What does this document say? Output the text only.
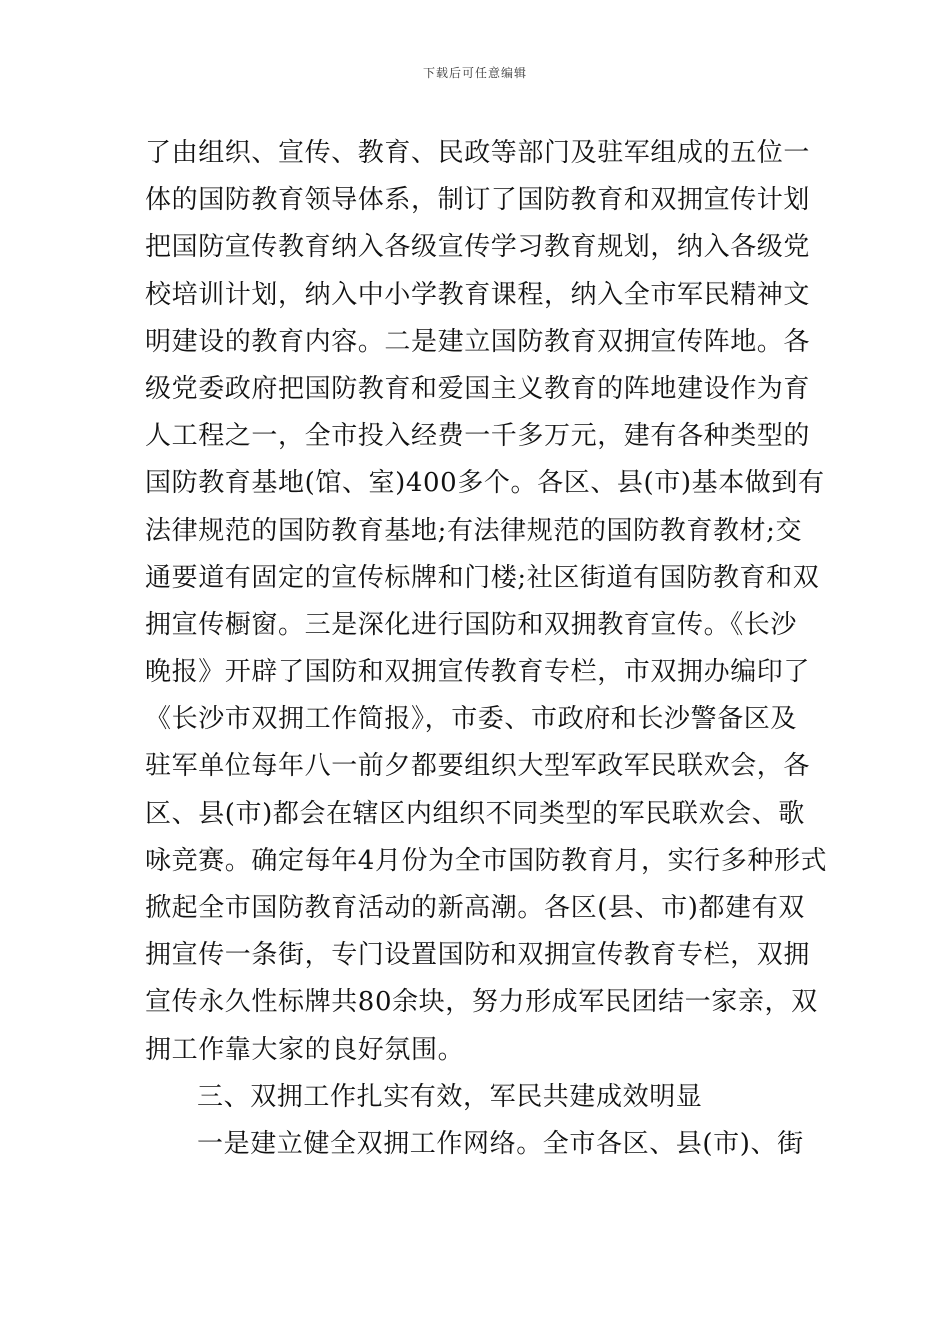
下载后可任意编辑
了由组织、宣传、教育、民政等部门及驻军组成的五位一
体的国防教育领导体系，制订了国防教育和双拥宣传计划
把国防宣传教育纳入各级宣传学习教育规划，纳入各级党
校培训计划，纳入中小学教育课程，纳入全市军民精神文
明建设的教育内容。二是建立国防教育双拥宣传阵地。各
级党委政府把国防教育和爱国主义教育的阵地建设作为育
人工程之一，全市投入经费一千多万元，建有各种类型的
国防教育基地(馆、室)400多个。各区、县(市)基本做到有
法律规范的国防教育基地;有法律规范的国防教育教材;交
通要道有固定的宣传标牌和门楼;社区街道有国防教育和双
拥宣传橱窗。三是深化进行国防和双拥教育宣传。《长沙
晚报》开辟了国防和双拥宣传教育专栏，市双拥办编印了
《长沙市双拥工作简报》，市委、市政府和长沙警备区及
驻军单位每年八一前夕都要组织大型军政军民联欢会，各
区、县(市)都会在辖区内组织不同类型的军民联欢会、歌
咏竞赛。确定每年4月份为全市国防教育月，实行多种形式
掀起全市国防教育活动的新高潮。各区(县、市)都建有双
拥宣传一条街，专门设置国防和双拥宣传教育专栏，双拥
宣传永久性标牌共80余块，努力形成军民团结一家亲，双
拥工作靠大家的良好氛围。
三、双拥工作扎实有效，军民共建成效明显
一是建立健全双拥工作网络。全市各区、县(市)、街
